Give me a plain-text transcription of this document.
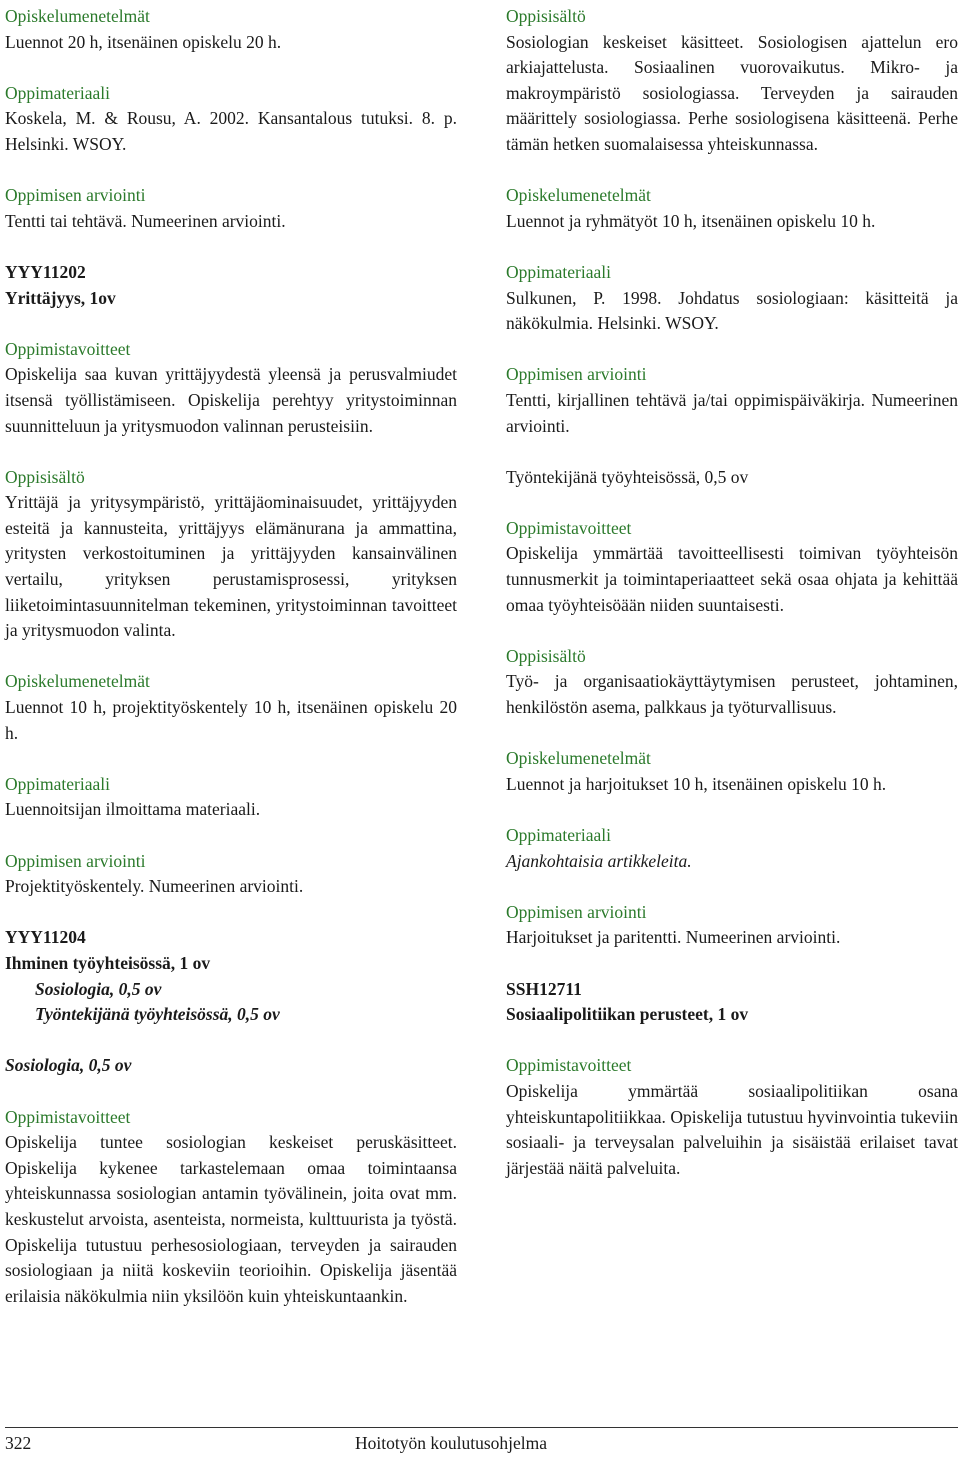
Opiskelumenetelmät
Luennot 20 h, itsenäinen opiskelu 20 h.
Oppimateriaali
Koskela, M. & Rousu, A. 2002. Kansantalous tutuksi. 8. p. Helsinki. WSOY.
Oppimisen arviointi
Tentti tai tehtävä. Numeerinen arviointi.
YYY11202
Yrittäjyys, 1ov
Oppimistavoitteet
Opiskelija saa kuvan yrittäjyydestä yleensä ja perusvalmiudet itsensä työllistämiseen. Opiskelija perehtyy yritystoiminnan suunnitteluun ja yritysmuodon valinnan perusteisiin.
Oppisisältö
Yrittäjä ja yritysympäristö, yrittäjäominaisuudet, yrittäjyyden esteitä ja kannusteita, yrittäjyys elämänurana ja ammattina, yritysten verkostoituminen ja yrittäjyyden kansainvälinen vertailu, yrityksen perustamisprosessi, yrityksen liiketoimintasuunnitelman tekeminen, yritystoiminnan tavoitteet ja yritysmuodon valinta.
Opiskelumenetelmät
Luennot 10 h, projektityöskentely 10 h, itsenäinen opiskelu 20 h.
Oppimateriaali
Luennoitsijan ilmoittama materiaali.
Oppimisen arviointi
Projektityöskentely. Numeerinen arviointi.
YYY11204
Ihminen työyhteisössä, 1 ov
Sosiologia, 0,5 ov
Työntekijänä työyhteisössä, 0,5 ov
Sosiologia, 0,5 ov
Oppimistavoitteet
Opiskelija tuntee sosiologian keskeiset peruskäsitteet. Opiskelija kykenee tarkastelemaan omaa toimintaansa yhteiskunnassa sosiologian antamin työvälinein, joita ovat mm. keskustelut arvoista, asenteista, normeista, kulttuurista ja työstä. Opiskelija tutustuu perhesosiologiaan, terveyden ja sairauden sosiologiaan ja niitä koskeviin teorioihin. Opiskelija jäsentää erilaisia näkökulmia niin yksilöön kuin yhteiskuntaankin.
Oppisisältö
Sosiologian keskeiset käsitteet. Sosiologisen ajattelun ero arkiajattelusta. Sosiaalinen vuorovaikutus. Mikro- ja makroympäristö sosiologiassa. Terveyden ja sairauden määrittely sosiologiassa. Perhe sosiologisena käsitteenä. Perhe tämän hetken suomalaisessa yhteiskunnassa.
Opiskelumenetelmät
Luennot ja ryhmätyöt 10 h, itsenäinen opiskelu 10 h.
Oppimateriaali
Sulkunen, P. 1998. Johdatus sosiologiaan: käsitteitä ja näkökulmia. Helsinki. WSOY.
Oppimisen arviointi
Tentti, kirjallinen tehtävä ja/tai oppimispäiväkirja. Numeerinen arviointi.
Työntekijänä työyhteisössä, 0,5 ov
Oppimistavoitteet
Opiskelija ymmärtää tavoitteellisesti toimivan työyhteisön tunnusmerkit ja toimintaperiaatteet sekä osaa ohjata ja kehittää omaa työyhteisöään niiden suuntaisesti.
Oppisisältö
Työ- ja organisaatiokäyttäytymisen perusteet, johtaminen, henkilöstön asema, palkkaus ja työturvallisuus.
Opiskelumenetelmät
Luennot ja harjoitukset 10 h, itsenäinen opiskelu 10 h.
Oppimateriaali
Ajankohtaisia artikkeleita.
Oppimisen arviointi
Harjoitukset ja paritentti. Numeerinen arviointi.
SSH12711
Sosiaalipolitiikan perusteet, 1 ov
Oppimistavoitteet
Opiskelija ymmärtää sosiaalipolitiikan osana yhteiskuntapolitiikkaa. Opiskelija tutustuu hyvinvointia tukeviin sosiaali- ja terveysalan palveluihin ja sisäistää erilaiset tavat järjestää näitä palveluita.
322	Hoitotyön koulutusohjelma
